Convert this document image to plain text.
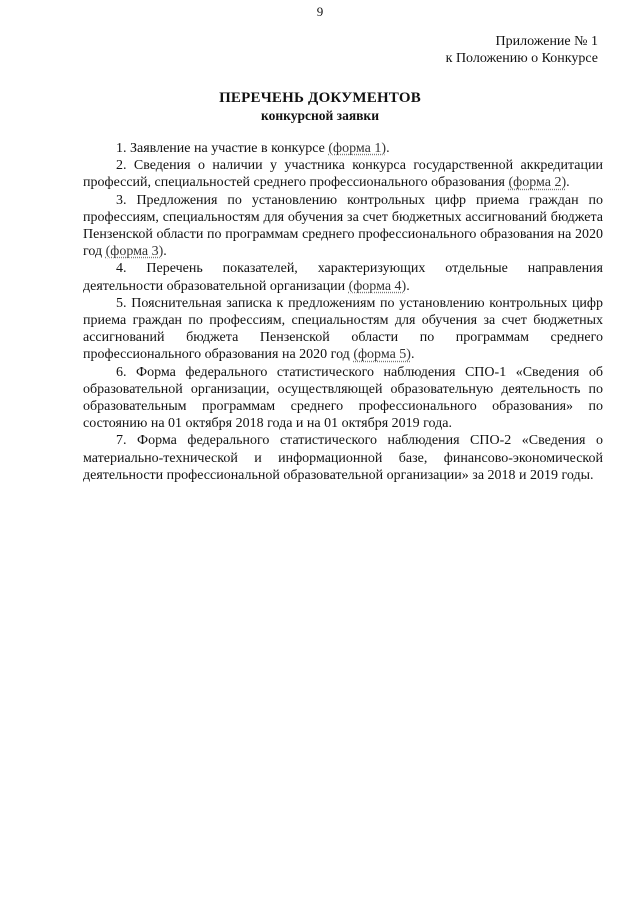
9
Приложение № 1
к Положению о Конкурсе
ПЕРЕЧЕНЬ ДОКУМЕНТОВ
конкурсной заявки

1. Заявление на участие в конкурсе (форма 1).

2. Сведения о наличии у участника конкурса государственной аккредитации профессий, специальностей среднего профессионального образования (форма 2).

3. Предложения по установлению контрольных цифр приема граждан по профессиям, специальностям для обучения за счет бюджетных ассигнований бюджета Пензенской области по программам среднего профессионального образования на 2020 год (форма 3).

4. Перечень показателей, характеризующих отдельные направления деятельности образовательной организации (форма 4).

5. Пояснительная записка к предложениям по установлению контрольных цифр приема граждан по профессиям, специальностям для обучения за счет бюджетных ассигнований бюджета Пензенской области по программам среднего профессионального образования на 2020 год (форма 5).

6. Форма федерального статистического наблюдения СПО-1 «Сведения об образовательной организации, осуществляющей образовательную деятельность по образовательным программам среднего профессионального образования» по состоянию на 01 октября 2018 года и на 01 октября 2019 года.

7. Форма федерального статистического наблюдения СПО-2 «Сведения о материально-технической и информационной базе, финансово-экономической деятельности профессиональной образовательной организации» за 2018 и 2019 годы.
